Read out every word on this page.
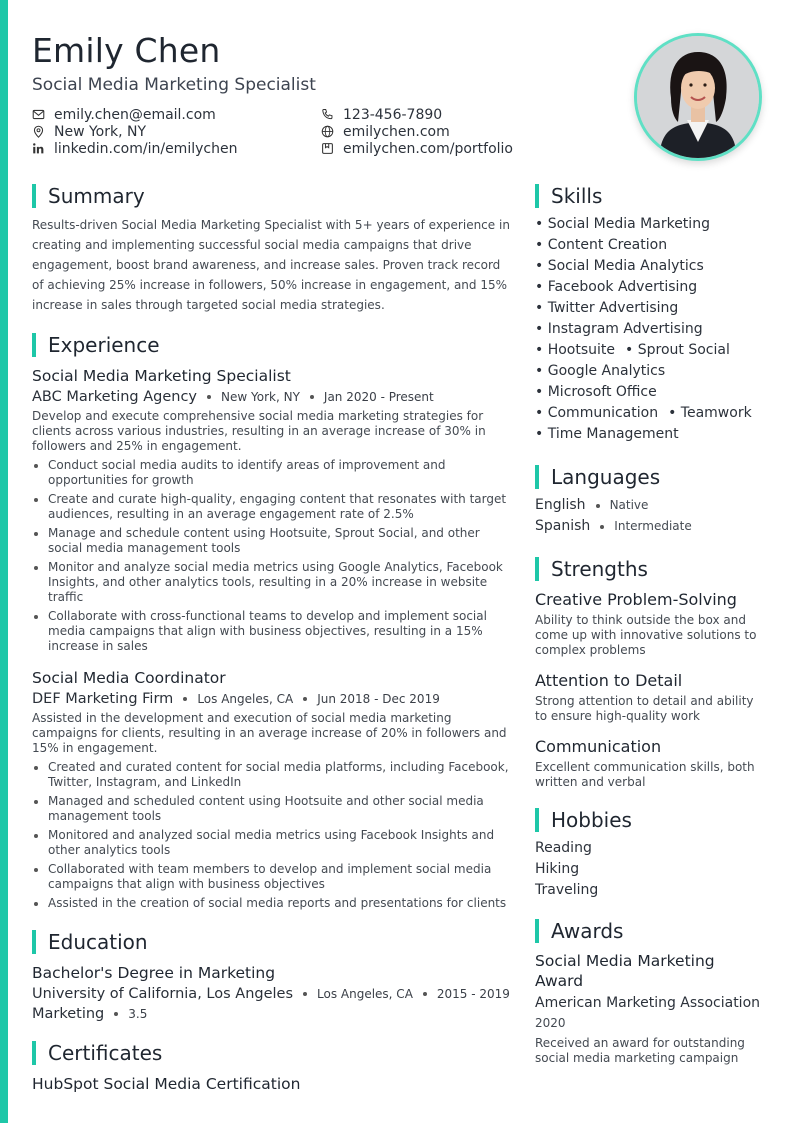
Emily Chen
Social Media Marketing Specialist
emily.chen@email.com	123-456-7890
New York, NY	emilychen.com
linkedin.com/in/emilychen	emilychen.com/portfolio
Summary

Results-driven Social Media Marketing Specialist with 5+ years of experience in creating and implementing successful social media campaigns that drive engagement, boost brand awareness, and increase sales. Proven track record of achieving 25% increase in followers, 50% increase in engagement, and 15% increase in sales through targeted social media strategies.

Experience
Social Media Marketing Specialist
ABC Marketing Agency New York, NY Jan 2020 - Present
Develop and execute comprehensive social media marketing strategies for clients across various industries, resulting in an average increase of 30% in followers and 25% in engagement.
Conduct social media audits to identify areas of improvement and opportunities for growth
Create and curate high-quality, engaging content that resonates with target audiences, resulting in an average engagement rate of 2.5%
Manage and schedule content using Hootsuite, Sprout Social, and other social media management tools
Monitor and analyze social media metrics using Google Analytics, Facebook Insights, and other analytics tools, resulting in a 20% increase in website traffic
Collaborate with cross-functional teams to develop and implement social media campaigns that align with business objectives, resulting in a 15% increase in sales
Social Media Coordinator
DEF Marketing Firm Los Angeles, CA Jun 2018 - Dec 2019
Assisted in the development and execution of social media marketing campaigns for clients, resulting in an average increase of 20% in followers and 15% in engagement.
Created and curated content for social media platforms, including Facebook, Twitter, Instagram, and LinkedIn
Managed and scheduled content using Hootsuite and other social media management tools
Monitored and analyzed social media metrics using Facebook Insights and other analytics tools
Collaborated with team members to develop and implement social media campaigns that align with business objectives
Assisted in the creation of social media reports and presentations for clients
Education
Bachelor's Degree in Marketing
University of California, Los Angeles Los Angeles, CA 2015 - 2019
Marketing 3.5
Certificates
HubSpot Social Media Certification
Skills
• Social Media Marketing
• Content Creation
• Social Media Analytics
• Facebook Advertising
• Twitter Advertising
• Instagram Advertising
• Hootsuite • Sprout Social
• Google Analytics
• Microsoft Office
• Communication • Teamwork
• Time Management
Languages
English Native
Spanish Intermediate
Strengths
Creative Problem-Solving
Ability to think outside the box and come up with innovative solutions to complex problems
Attention to Detail
Strong attention to detail and ability to ensure high-quality work
Communication
Excellent communication skills, both written and verbal
Hobbies
Reading
Hiking
Traveling
Awards
Social Media Marketing Award
American Marketing Association
2020
Received an award for outstanding social media marketing campaign
